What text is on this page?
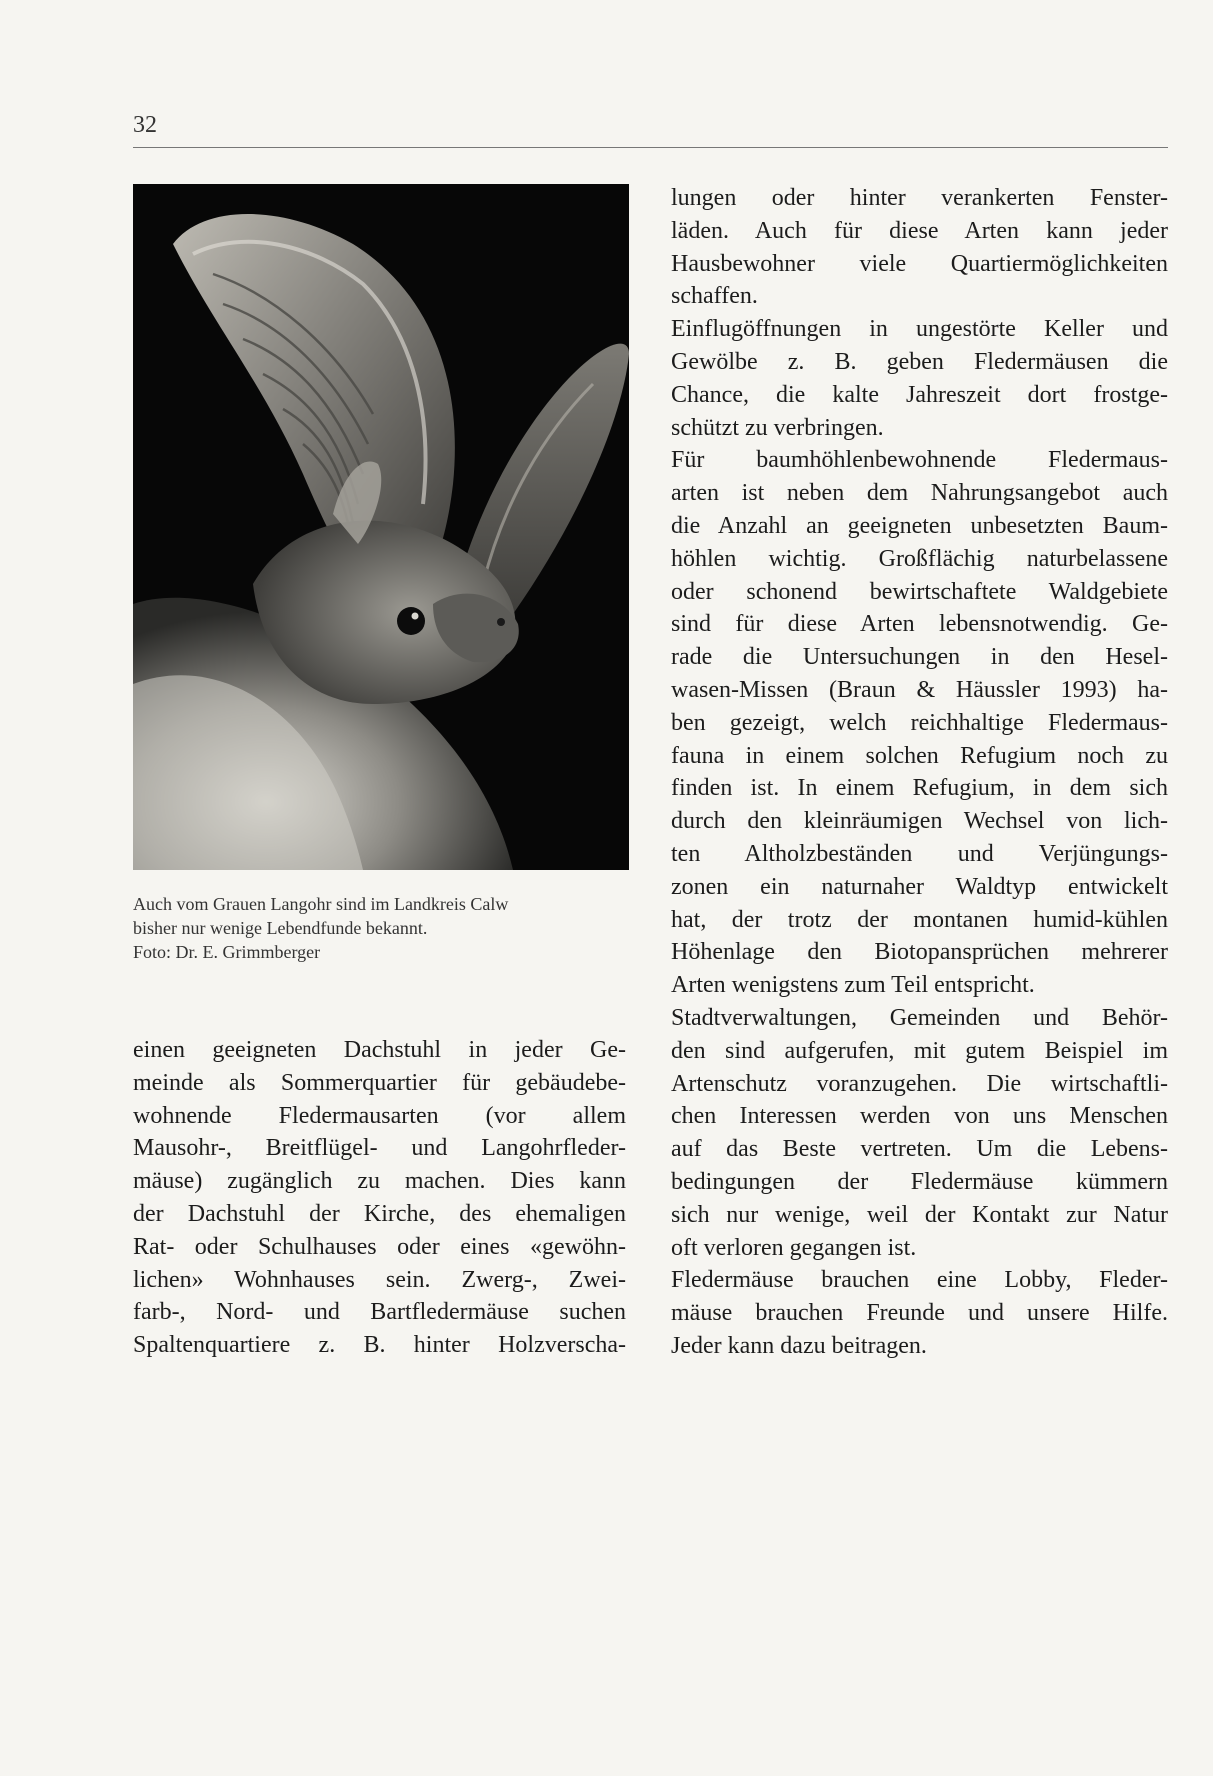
32
Auch vom Grauen Langohr sind im Landkreis Calw
bisher nur wenige Lebendfunde bekannt.
Foto: Dr. E. Grimmberger
einen geeigneten Dachstuhl in jeder Ge-
meinde als Sommerquartier für gebäudebe-
wohnende Fledermausarten (vor allem
Mausohr-, Breitflügel- und Langohrfleder-
mäuse) zugänglich zu machen. Dies kann
der Dachstuhl der Kirche, des ehemaligen
Rat- oder Schulhauses oder eines «gewöhn-
lichen» Wohnhauses sein. Zwerg-, Zwei-
farb-, Nord- und Bartfledermäuse suchen
Spaltenquartiere z. B. hinter Holzverscha-
lungen oder hinter verankerten Fenster-
läden. Auch für diese Arten kann jeder
Hausbewohner viele Quartiermöglichkeiten
schaffen.
Einflugöffnungen in ungestörte Keller und
Gewölbe z. B. geben Fledermäusen die
Chance, die kalte Jahreszeit dort frostge-
schützt zu verbringen.
Für baumhöhlenbewohnende Fledermaus-
arten ist neben dem Nahrungsangebot auch
die Anzahl an geeigneten unbesetzten Baum-
höhlen wichtig. Großflächig naturbelassene
oder schonend bewirtschaftete Waldgebiete
sind für diese Arten lebensnotwendig. Ge-
rade die Untersuchungen in den Hesel-
wasen-Missen (Braun & Häussler 1993) ha-
ben gezeigt, welch reichhaltige Fledermaus-
fauna in einem solchen Refugium noch zu
finden ist. In einem Refugium, in dem sich
durch den kleinräumigen Wechsel von lich-
ten Altholzbeständen und Verjüngungs-
zonen ein naturnaher Waldtyp entwickelt
hat, der trotz der montanen humid-kühlen
Höhenlage den Biotopansprüchen mehrerer
Arten wenigstens zum Teil entspricht.
Stadtverwaltungen, Gemeinden und Behör-
den sind aufgerufen, mit gutem Beispiel im
Artenschutz voranzugehen. Die wirtschaftli-
chen Interessen werden von uns Menschen
auf das Beste vertreten. Um die Lebens-
bedingungen der Fledermäuse kümmern
sich nur wenige, weil der Kontakt zur Natur
oft verloren gegangen ist.
Fledermäuse brauchen eine Lobby, Fleder-
mäuse brauchen Freunde und unsere Hilfe.
Jeder kann dazu beitragen.
